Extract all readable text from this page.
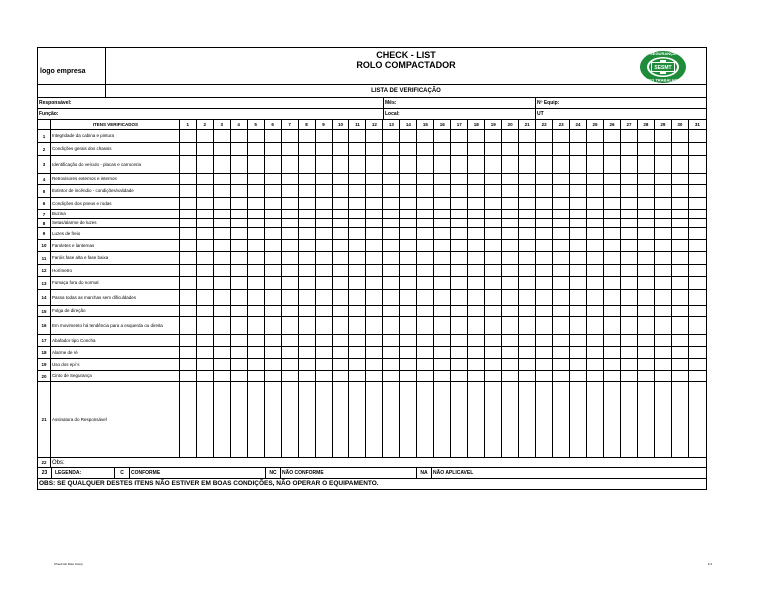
logo empresa
CHECK - LIST
ROLO COMPACTADOR	SESMT
SEGURANÇA
DO TRABALHO
LISTA DE VERIFICAÇÃO
Responsável:	Mês:	Nº Equip:
Função:	Local:	UT
ITENS VERIFICADOS	1	2	3	4	5	6	7	8	9	10	11	12	13	14	15	16	17	18	19	20	21	22	23	24	25	26	27	28	29	30	31
1	Integridade da cabina e pintura
2	Condições gerais dos chassis
3	Identificação do veículo - placas e carroceria
4	Retrovisores externos e internos
5	Extintor de incêndio - condições/validade
6	Condições dos pneus e rodas
7	Buzina
8	Setas/alarme de luzes
9	Luzes de freio
10	Faroletes e lanternas
11	Faróis fase alta e fase baixa
12	Horímetro
13	Fumaça fora do normal
14	Passa todas as marchas sem dificuldades
15	Folga de direção
16	Em movimento há tendência para a esquerda ou direita
17	Abafador tipo Concha
18	Alarme de ré
19	Uso dos epi´s
20	Cinto de Segurança
21	Assinatura do Responsável
22 Obs:
23	LEGENDA:	C	CONFORME	NC	NÃO CONFORME	NA	NÃO APLICAVEL
OBS: SE QUALQUER DESTES ITENS NÃO ESTIVER EM BOAS CONDIÇÕES, NÃO OPERAR O EQUIPAMENTO.
Check list Rolo Comp	1/1
